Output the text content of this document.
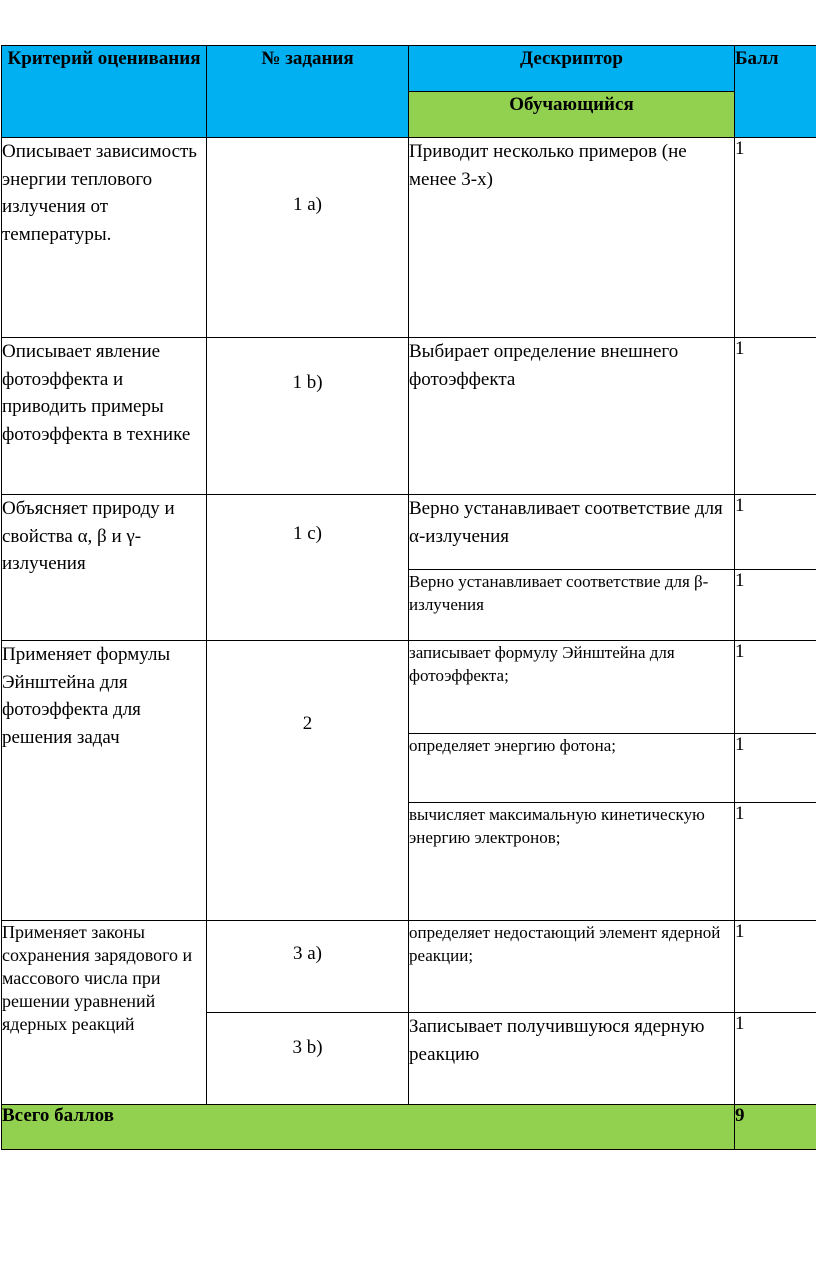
Критерий оценивания	№ задания	Дескриптор	Балл
		Обучающийся	
Описывает зависимость энергии теплового излучения от температуры.	1 a)	Приводит несколько примеров (не менее 3-х)	1
Описывает явление фотоэффекта и приводить примеры фотоэффекта в технике	1 b)	Выбирает определение внешнего фотоэффекта	1
Объясняет природу и свойства α, β и γ-излучения	1 c)	Верно устанавливает соответствие для α-излучения	1
		Верно устанавливает соответствие для β-излучения	1
Применяет формулы Эйнштейна для фотоэффекта для решения задач	2	записывает формулу Эйнштейна для фотоэффекта;	1
		определяет энергию фотона;	1
		вычисляет максимальную кинетическую энергию электронов;	1
Применяет законы сохранения зарядового и массового числа при решении уравнений ядерных реакций	3 a)	определяет недостающий элемент ядерной реакции;	1
	3 b)	Записывает получившуюся ядерную реакцию	1
Всего баллов			9
